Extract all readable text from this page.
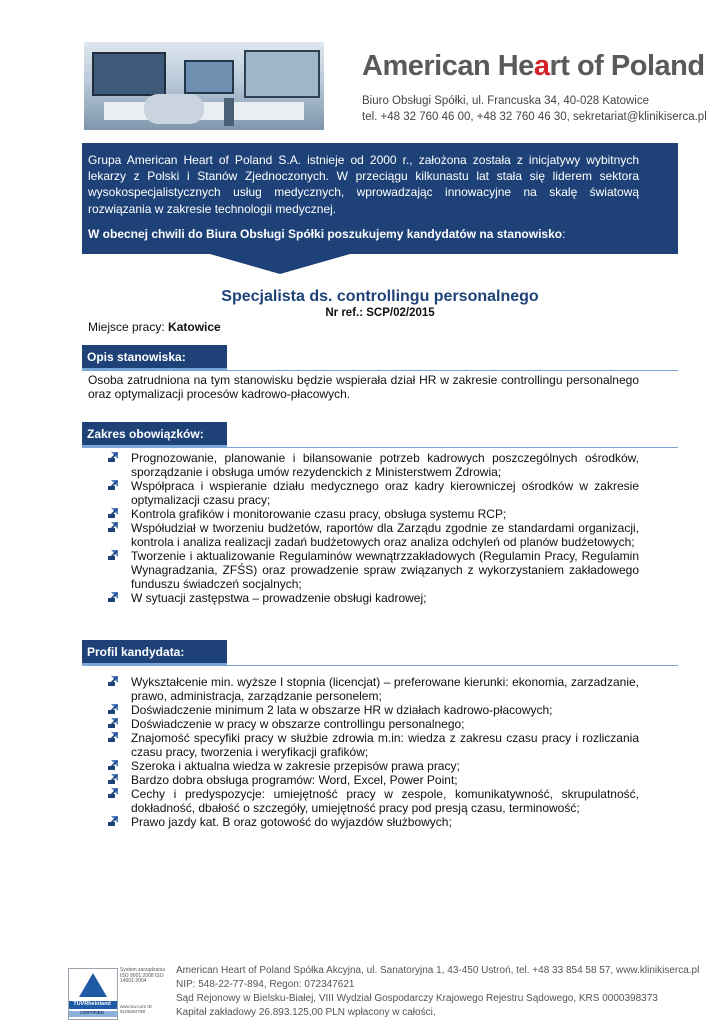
American Heart of Poland
Biuro Obsługi Spółki, ul. Francuska 34, 40-028 Katowice
tel. +48 32 760 46 00, +48 32 760 46 30, sekretariat@klinikiserca.pl
Grupa American Heart of Poland S.A. istnieje od 2000 r., założona została z inicjatywy wybitnych lekarzy z Polski i Stanów Zjednoczonych. W przeciągu kilkunastu lat stała się liderem sektora wysokospecjalistycznych usług medycznych, wprowadzając innowacyjne na skalę światową rozwiązania w zakresie technologii medycznej.
W obecnej chwili do Biura Obsługi Spółki poszukujemy kandydatów na stanowisko:
Specjalista ds. controllingu personalnego
Nr ref.: SCP/02/2015
Miejsce pracy: Katowice
Opis stanowiska:
Osoba zatrudniona na tym stanowisku będzie wspierała dział HR w zakresie controllingu personalnego oraz optymalizacji procesów kadrowo-płacowych.
Zakres obowiązków:
Prognozowanie, planowanie i bilansowanie potrzeb kadrowych poszczególnych ośrodków, sporządzanie i obsługa umów rezydenckich z Ministerstwem Zdrowia;
Współpraca i wspieranie działu medycznego oraz kadry kierowniczej ośrodków w zakresie optymalizacji czasu pracy;
Kontrola grafików i monitorowanie czasu pracy, obsługa systemu RCP;
Współudział w tworzeniu budżetów, raportów dla Zarządu zgodnie ze standardami organizacji, kontrola i analiza realizacji zadań budżetowych oraz analiza odchyleń od planów budżetowych;
Tworzenie i aktualizowanie Regulaminów wewnątrzzakładowych (Regulamin Pracy, Regulamin Wynagradzania, ZFŚS) oraz prowadzenie spraw związanych z wykorzystaniem zakładowego funduszu świadczeń socjalnych;
W sytuacji zastępstwa – prowadzenie obsługi kadrowej;
Profil kandydata:
Wykształcenie min. wyższe I stopnia (licencjat) – preferowane kierunki: ekonomia, zarzadzanie, prawo, administracja, zarządzanie personelem;
Doświadczenie minimum 2 lata w obszarze HR w działach kadrowo-płacowych;
Doświadczenie w pracy w obszarze controllingu personalnego;
Znajomość specyfiki pracy w służbie zdrowia m.in: wiedza z zakresu czasu pracy i rozliczania czasu pracy, tworzenia i weryfikacji grafików;
Szeroka i aktualna wiedza w zakresie przepisów prawa pracy;
Bardzo dobra obsługa programów: Word, Excel, Power Point;
Cechy i predyspozycje: umiejętność pracy w zespole, komunikatywność, skrupulatność, dokładność, dbałość o szczegóły, umiejętność pracy pod presją czasu, terminowość;
Prawo jazdy kat. B oraz gotowość do wyjazdów służbowych;
TÜVRheinland
CERTIFIED
System zarządzania ISO 9001:2008 ISO 14001:2004
www.tuv.com ID 9105082788
American Heart of Poland Spółka Akcyjna, ul. Sanatoryjna 1, 43-450 Ustroń, tel. +48 33 854 58 57, www.klinikiserca.pl
NIP: 548-22-77-894, Regon: 072347621
Sąd Rejonowy w Bielsku-Białej, VIII Wydział Gospodarczy Krajowego Rejestru Sądowego, KRS 0000398373
Kapitał zakładowy 26.893.125,00 PLN wpłacony w całości,
